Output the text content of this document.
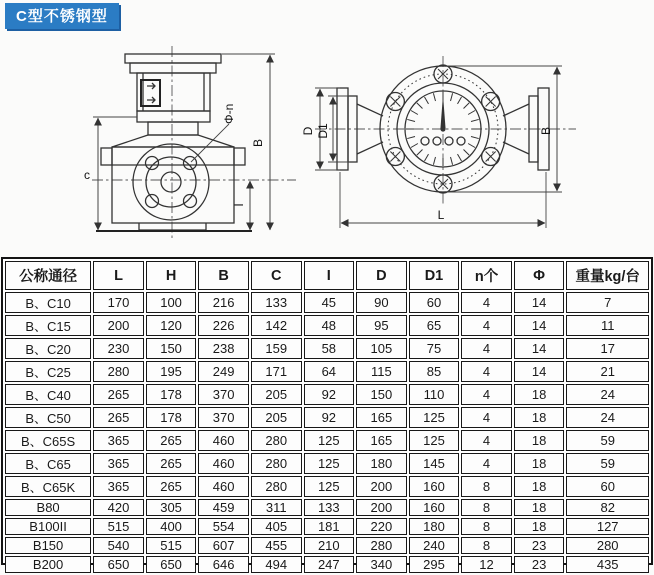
C型不锈钢型
c
B
Φ-n
I
D D1	B
L
公称通径	L	H	B	C	I	D	D1	n个	Φ	重量kg/台
B、C10	170	100	216	133	45	90	60	4	14	7
B、C15	200	120	226	142	48	95	65	4	14	11
B、C20	230	150	238	159	58	105	75	4	14	17
B、C25	280	195	249	171	64	115	85	4	14	21
B、C40	265	178	370	205	92	150	110	4	18	24
B、C50	265	178	370	205	92	165	125	4	18	24
B、C65S	365	265	460	280	125	165	125	4	18	59
B、C65	365	265	460	280	125	180	145	4	18	59
B、C65K	365	265	460	280	125	200	160	8	18	60
B80	420	305	459	311	133	200	160	8	18	82
B100II	515	400	554	405	181	220	180	8	18	127
B150	540	515	607	455	210	280	240	8	23	280
B200	650	650	646	494	247	340	295	12	23	435
